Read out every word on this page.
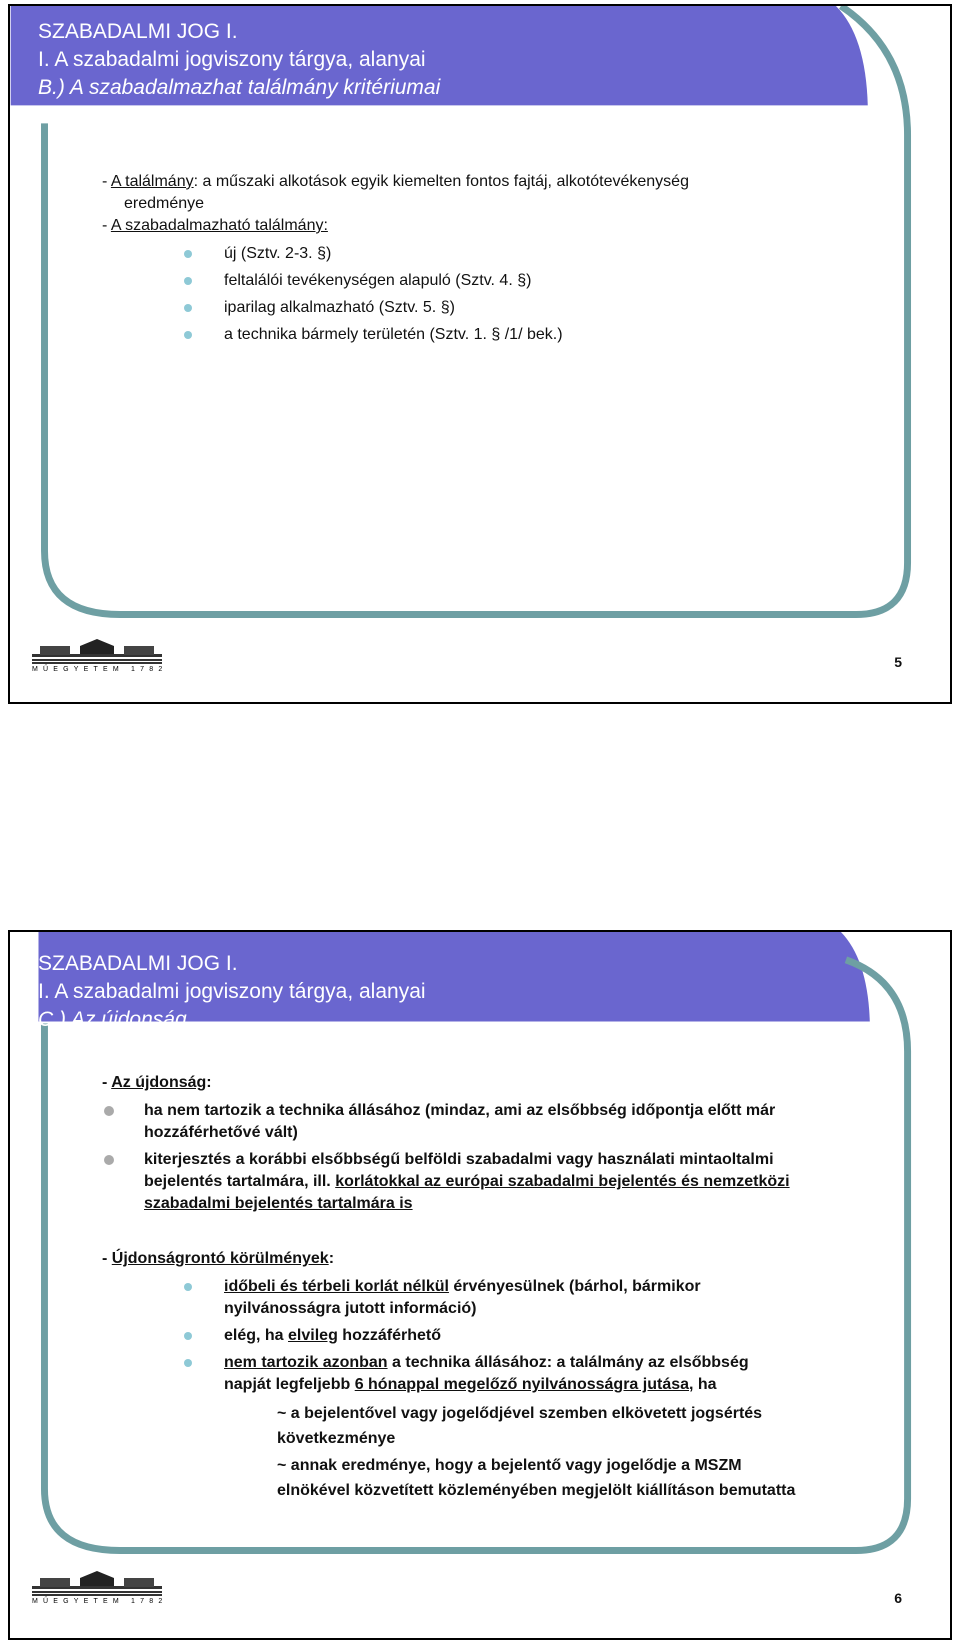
SZABADALMI JOG I.
I. A szabadalmi jogviszony tárgya, alanyai
B.) A szabadalmazhat találmány kritériumai
- A találmány: a műszaki alkotások egyik kiemelten fontos fajtáj, alkotótevékenység
eredménye
- A szabadalmazható találmány:
új (Sztv. 2-3. §)
feltalálói tevékenységen alapuló (Sztv. 4. §)
iparilag alkalmazható (Sztv. 5. §)
a technika bármely területén (Sztv. 1. § /1/ bek.)
MŰEGYETEM 1782	5
SZABADALMI JOG I.
I. A szabadalmi jogviszony tárgya, alanyai
C.) Az újdonság
- Az újdonság:
ha nem tartozik a technika állásához (mindaz, ami az elsőbbség időpontja előtt már
hozzáférhetővé vált)
kiterjesztés a korábbi elsőbbségű belföldi szabadalmi vagy használati mintaoltalmi
bejelentés tartalmára, ill. korlátokkal az európai szabadalmi bejelentés és nemzetközi
szabadalmi bejelentés tartalmára is
- Újdonságrontó körülmények:
időbeli és térbeli korlát nélkül érvényesülnek (bárhol, bármikor
nyilvánosságra jutott információ)
elég, ha elvileg hozzáférhető
nem tartozik azonban a technika állásához: a találmány az elsőbbség
napját legfeljebb 6 hónappal megelőző nyilvánosságra jutása, ha
~ a bejelentővel vagy jogelődjével szemben elkövetett jogsértés
következménye
~ annak eredménye, hogy a bejelentő vagy jogelődje a MSZM
elnökével közvetített közleményében megjelölt kiállításon bemutatta
MŰEGYETEM 1782	6
